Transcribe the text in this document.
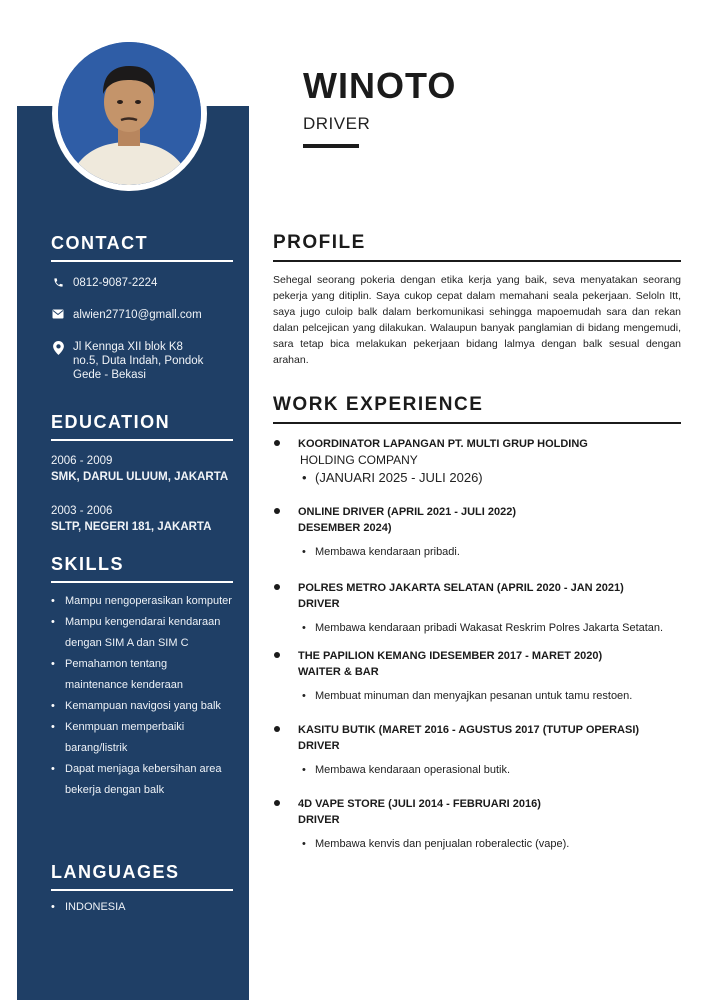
CONTACT
0812-9087-2224
alwien27710@gmall.com
Jl Kennga XII blok K8
no.5, Duta Indah, Pondok
Gede - Bekasi
EDUCATION
2006 - 2009
SMK, DARUL ULUUM, JAKARTA
2003 - 2006
SLTP, NEGERI 181, JAKARTA
SKILLS
• Mampu nengoperasikan komputer
• Mampu kengendarai kendaraan dengan SIM A dan SIM C
• Pemahamon tentang maintenance kenderaan
• Kemampuan navigosi yang balk
• Kenmpuan memperbaiki barang/listrik
• Dapat menjaga kebersihan area bekerja dengan balk
LANGUAGES
• INDONESIA
WINOTO
DRIVER
PROFILE
Sehegal seorang pokeria dengan etika kerja yang baik, seva menyatakan seorang pekerja yang ditiplin. Saya cukop cepat dalam memahani seala pekerjaan. Seloln Itt, saya jugo culoip balk dalam berkomunikasi sehingga mapoemudah sara dan rekan dalan pelcejican yang dilakukan. Walaupun banyak panglamian di bidang mengemudi, sara tetap bica melakukan pekerjaan bidang lalmya dengan balk sesual dengan arahan.
WORK EXPERIENCE
KOORDINATOR LAPANGAN PT. MULTI GRUP HOLDING
HOLDING COMPANY
• (JANUARI 2025 - JULI 2026)
ONLINE DRIVER (APRIL 2021 - JULI 2022)
DESEMBER 2024)
• Membawa kendaraan pribadi.
POLRES METRO JAKARTA SELATAN (APRIL 2020 - JAN 2021)
DRIVER
• Membawa kendaraan pribadi Wakasat Reskrim Polres Jakarta Setatan.
THE PAPILION KEMANG IDESEMBER 2017 - MARET 2020)
WAITER & BAR
• Membuat minuman dan menyajkan pesanan untuk tamu restoen.
KASITU BUTIK (MARET 2016 - AGUSTUS 2017 (TUTUP OPERASI)
DRIVER
• Membawa kendaraan operasional butik.
4D VAPE STORE (JULI 2014 - FEBRUARI 2016)
DRIVER
• Membawa kenvis dan penjualan roberalectic (vape).
